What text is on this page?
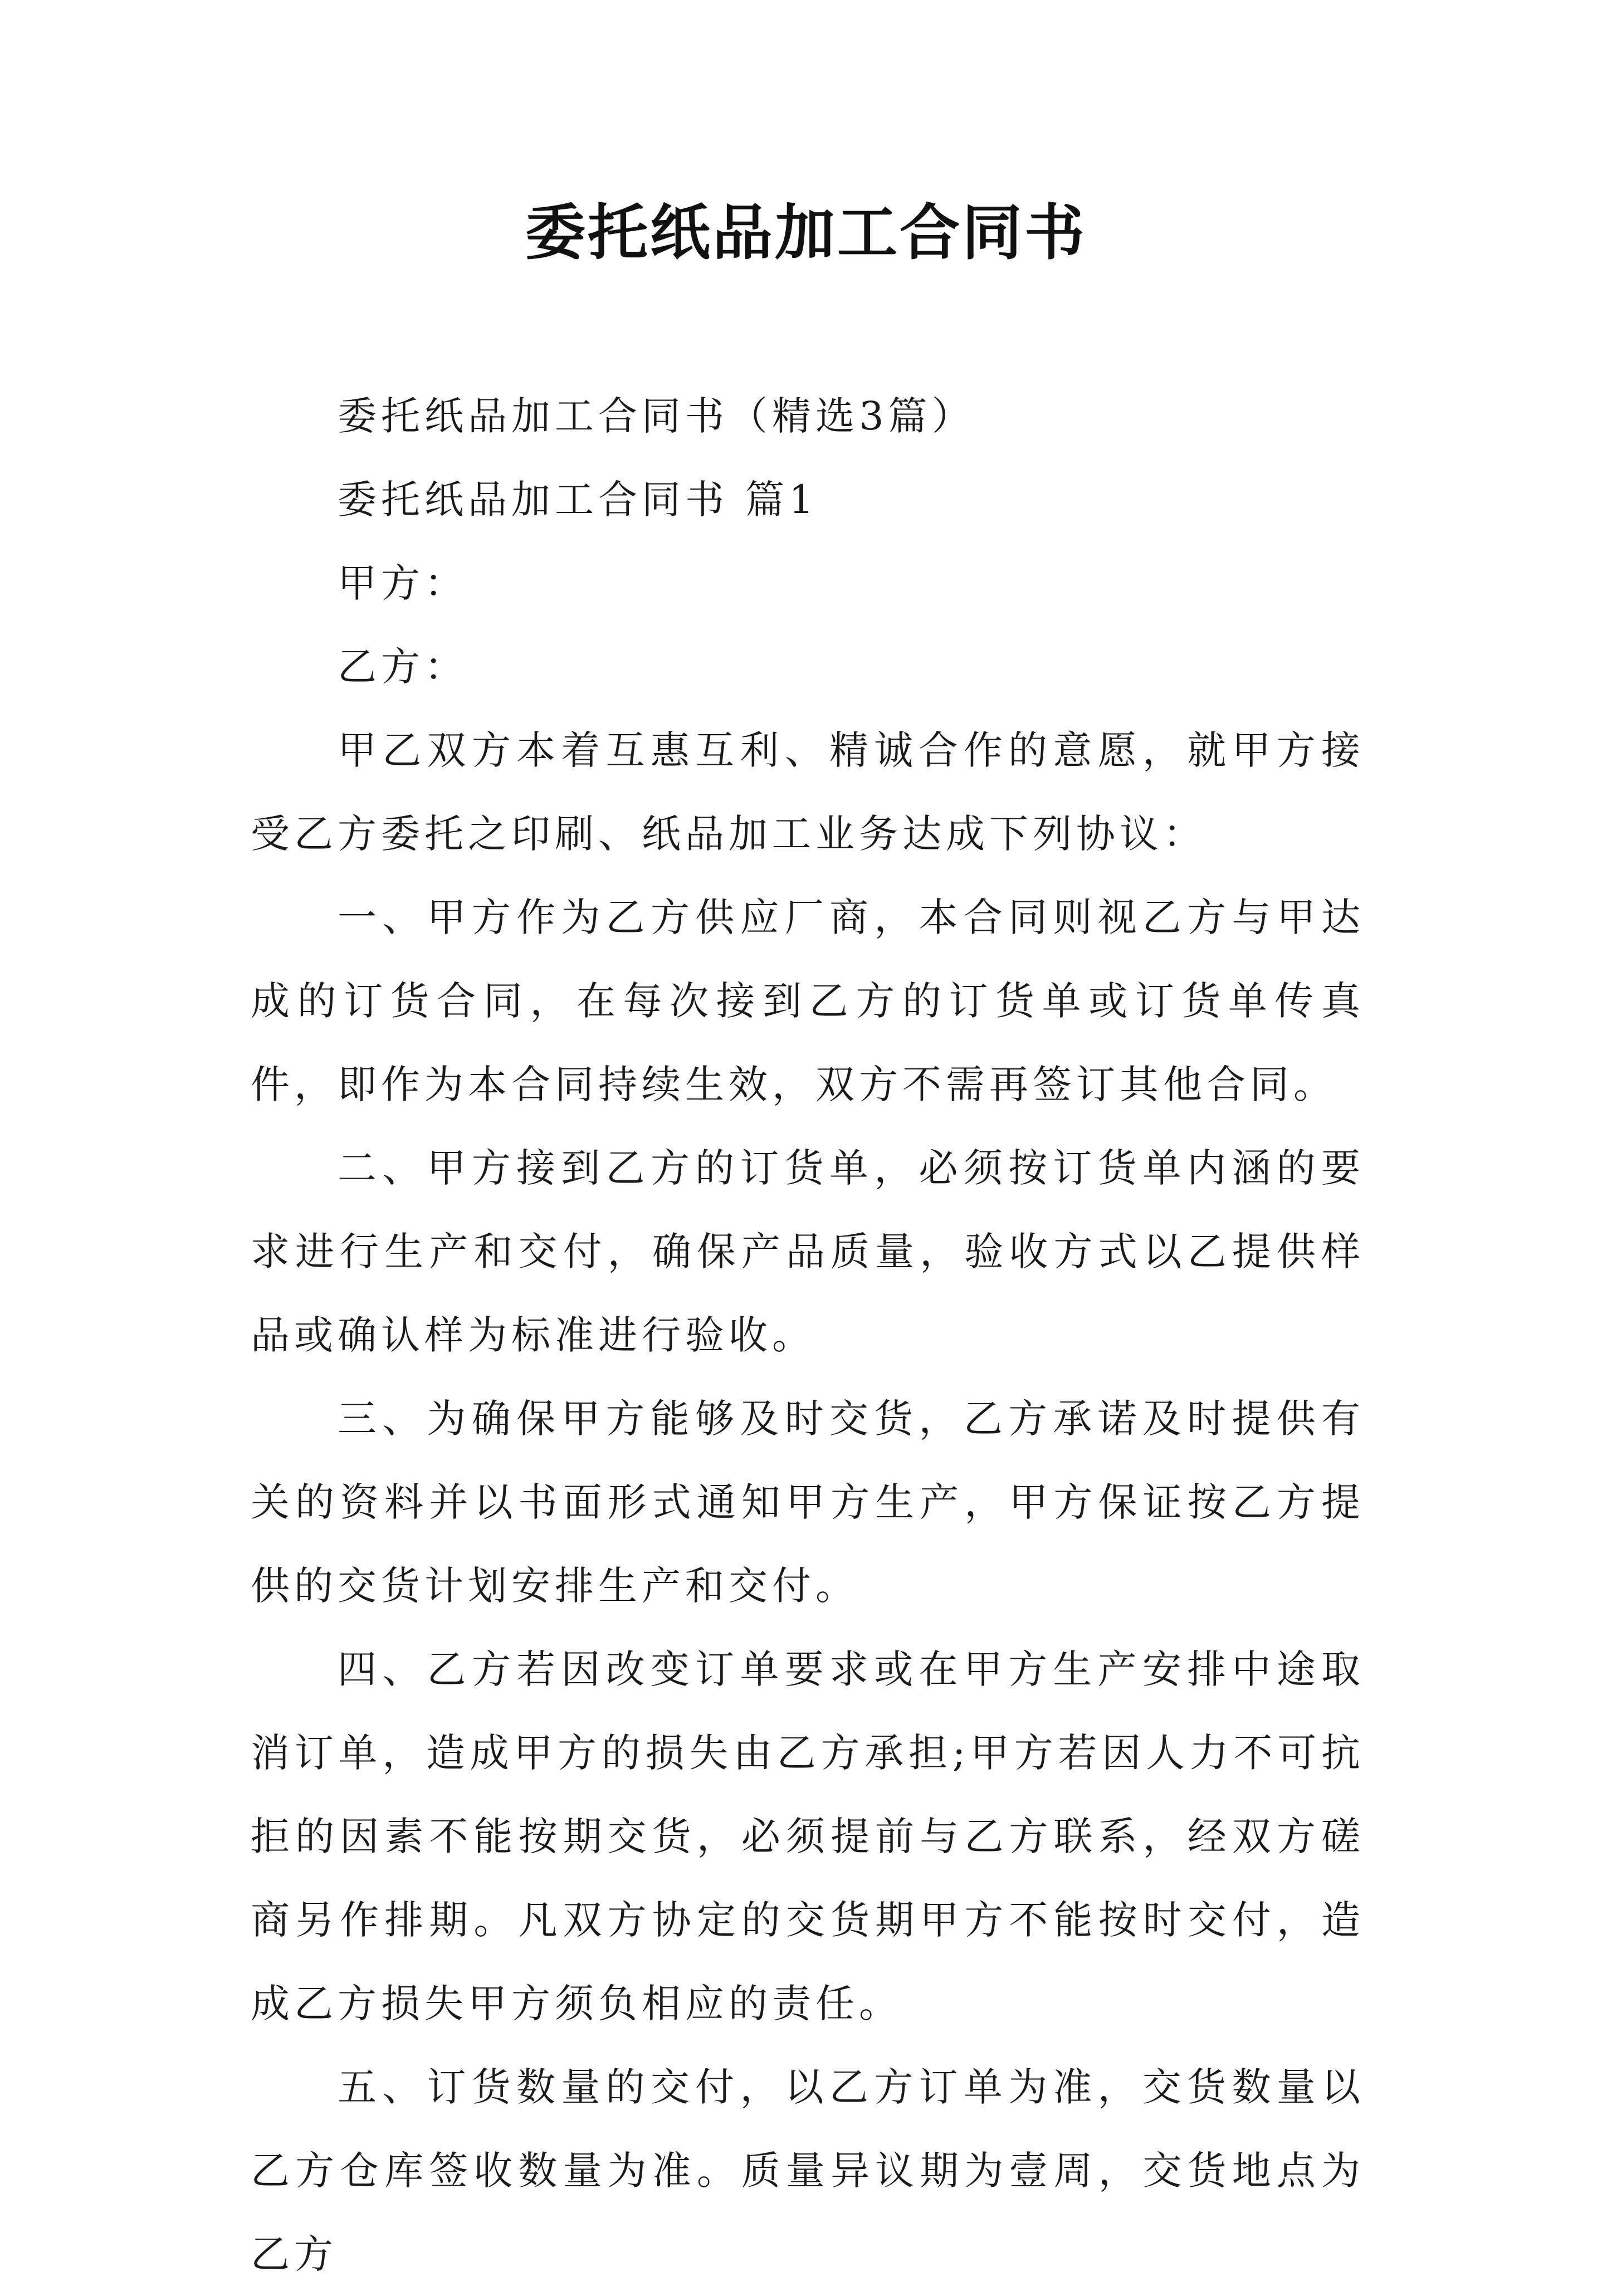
委托纸品加工合同书

委托纸品加工合同书（精选3篇）

委托纸品加工合同书 篇1

甲方：

乙方：

甲乙双方本着互惠互利、精诚合作的意愿，就甲方接受乙方委托之印刷、纸品加工业务达成下列协议：

一、甲方作为乙方供应厂商，本合同则视乙方与甲达成的订货合同，在每次接到乙方的订货单或订货单传真件，即作为本合同持续生效，双方不需再签订其他合同。

二、甲方接到乙方的订货单，必须按订货单内涵的要求进行生产和交付，确保产品质量，验收方式以乙提供样品或确认样为标准进行验收。

三、为确保甲方能够及时交货，乙方承诺及时提供有关的资料并以书面形式通知甲方生产，甲方保证按乙方提供的交货计划安排生产和交付。

四、乙方若因改变订单要求或在甲方生产安排中途取消订单，造成甲方的损失由乙方承担;甲方若因人力不可抗拒的因素不能按期交货，必须提前与乙方联系，经双方磋商另作排期。凡双方协定的交货期甲方不能按时交付，造成乙方损失甲方须负相应的责任。

五、订货数量的交付，以乙方订单为准，交货数量以乙方仓库签收数量为准。质量异议期为壹周，交货地点为乙方
